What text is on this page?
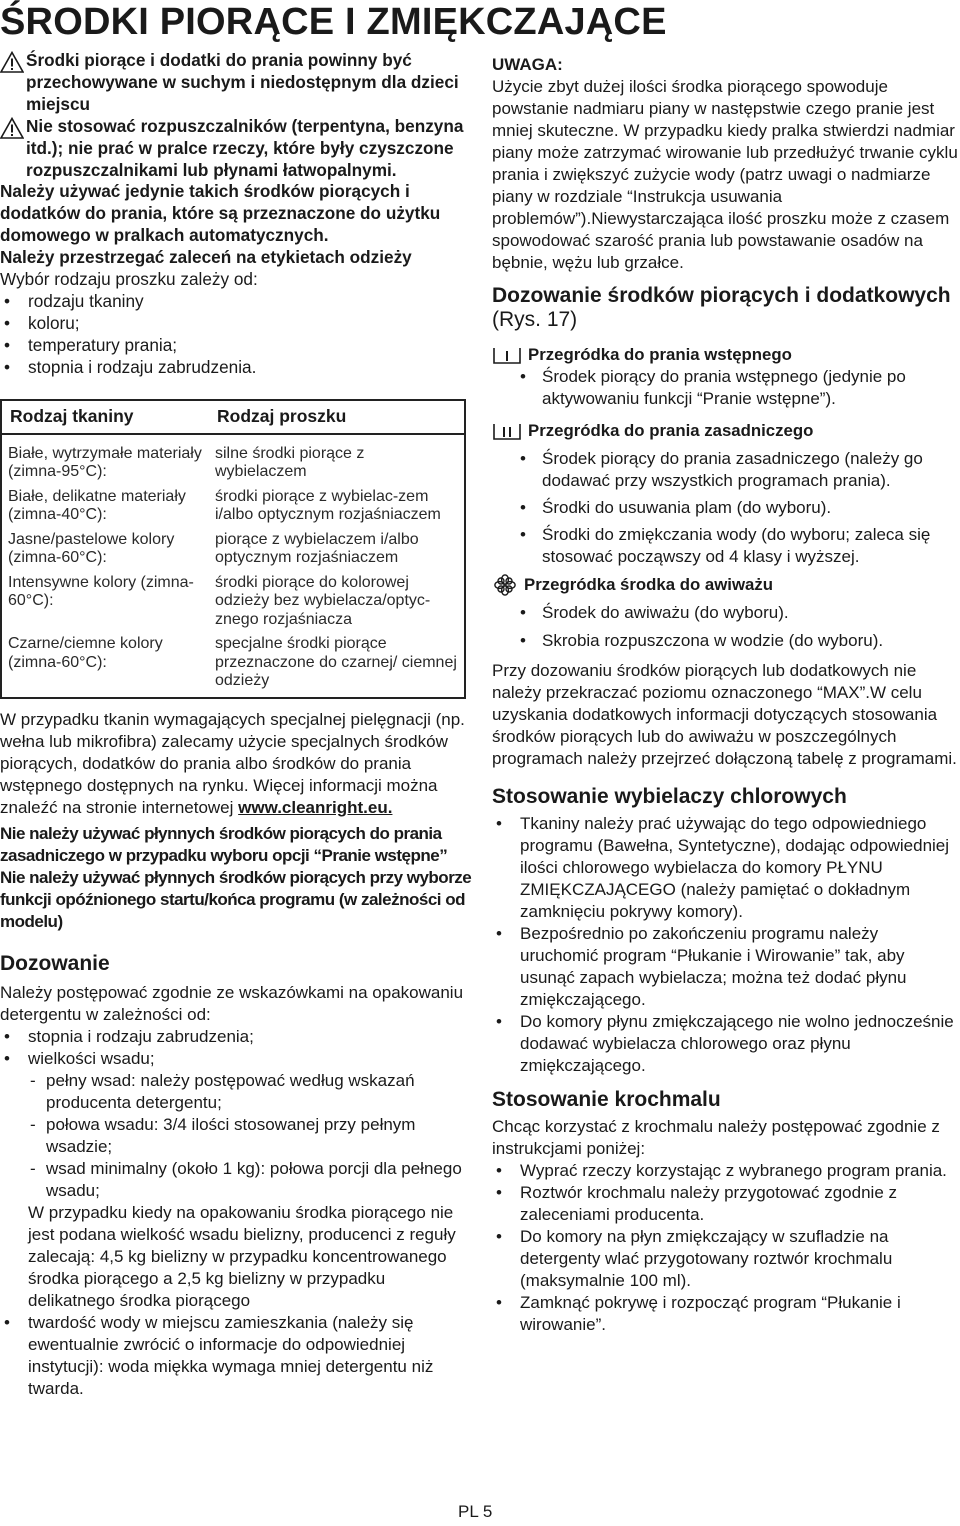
ŚRODKI PIORĄCE I ZMIĘKCZAJĄCE
Środki piorące i dodatki do prania powinny być przechowywane w suchym i niedostępnym dla dzieci miejscu
Nie stosować rozpuszczalników (terpentyna, benzyna itd.); nie prać w pralce rzeczy, które były czyszczone rozpuszczalnikami lub płynami łatwopalnymi.

Należy używać jedynie takich środków piorących i dodatków do prania, które są przeznaczone do użytku domowego w pralkach automatycznych.

Należy przestrzegać zaleceń na etykietach odzieży

Wybór rodzaju proszku zależy od:

• rodzaju tkaniny
• koloru;
• temperatury prania;
• stopnia i rodzaju zabrudzenia.
Rodzaj tkaniny	Rodzaj proszku
Białe, wytrzymałe materiały (zimna-95°C):	silne środki piorące z wybielaczem
Białe, delikatne materiały (zimna-40°C):	środki piorące z wybielac-zem i/albo optycznym rozjaśniaczem
Jasne/pastelowe kolory (zimna-60°C):	piorące z wybielaczem i/albo optycznym rozjaśniaczem
Intensywne kolory (zimna-60°C):	środki piorące do kolorowej odzieży bez wybielacza/optyc-znego rozjaśniacza
Czarne/ciemne kolory (zimna-60°C):	specjalne środki piorące przeznaczone do czarnej/ ciemnej odzieży

W przypadku tkanin wymagających specjalnej pielęgnacji (np. wełna lub mikrofibra) zalecamy użycie specjalnych środków piorących, dodatków do prania albo środków do prania wstępnego dostępnych na rynku. Więcej informacji można znaleźć na stronie internetowej www.cleanright.eu.

Nie należy używać płynnych środków piorących do prania zasadniczego w przypadku wyboru opcji “Pranie wstępne” Nie należy używać płynnych środków piorących przy wyborze funkcji opóźnionego startu/końca programu (w zależności od modelu)

Dozowanie

Należy postępować zgodnie ze wskazówkami na opakowaniu detergentu w zależności od:

• stopnia i rodzaju zabrudzenia;
• wielkości wsadu;
- pełny wsad: należy postępować według wskazań producenta detergentu;
- połowa wsadu: 3/4 ilości stosowanej przy pełnym wsadzie;
- wsad minimalny (około 1 kg): połowa porcji dla pełnego wsadu;

W przypadku kiedy na opakowaniu środka piorącego nie jest podana wielkość wsadu bielizny, producenci z reguły zalecają: 4,5 kg bielizny w przypadku koncentrowanego środka piorącego a 2,5 kg bielizny w przypadku delikatnego środka piorącego

• twardość wody w miejscu zamieszkania (należy się ewentualnie zwrócić o informacje do odpowiedniej instytucji): woda miękka wymaga mniej detergentu niż twarda.

UWAGA:

Użycie zbyt dużej ilości środka piorącego spowoduje powstanie nadmiaru piany w następstwie czego pranie jest mniej skuteczne. W przypadku kiedy pralka stwierdzi nadmiar piany może zatrzymać wirowanie lub przedłużyć trwanie cyklu prania i zwiększyć zużycie wody (patrz uwagi o nadmiarze piany w rozdziale “Instrukcja usuwania problemów”).Niewystarczająca ilość proszku może z czasem spowodować szarość prania lub powstawanie osadów na bębnie, wężu lub grzałce.

Dozowanie środków piorących i dodatkowych (Rys. 17)
Przegródka do prania wstępnego
• Środek piorący do prania wstępnego (jedynie po aktywowaniu funkcji “Pranie wstępne”).
Przegródka do prania zasadniczego
• Środek piorący do prania zasadniczego (należy go dodawać przy wszystkich programach prania).
• Środki do usuwania plam (do wyboru).
• Środki do zmiękczania wody (do wyboru; zaleca się stosować począwszy od 4 klasy i wyższej.
Przegródka środka do awiważu
• Środek do awiważu (do wyboru).
• Skrobia rozpuszczona w wodzie (do wyboru).

Przy dozowaniu środków piorących lub dodatkowych nie należy przekraczać poziomu oznaczonego “MAX”.W celu uzyskania dodatkowych informacji dotyczących stosowania środków piorących lub do awiważu w poszczególnych programach należy przejrzeć dołączoną tabelę z programami.

Stosowanie wybielaczy chlorowych
• Tkaniny należy prać używając do tego odpowiedniego programu (Bawełna, Syntetyczne), dodając odpowiedniej ilości chlorowego wybielacza do komory PŁYNU ZMIĘKCZAJĄCEGO (należy pamiętać o dokładnym zamknięciu pokrywy komory).
• Bezpośrednio po zakończeniu programu należy uruchomić program “Płukanie i Wirowanie” tak, aby usunąć zapach wybielacza; można też dodać płynu zmiękczającego.
• Do komory płynu zmiękczającego nie wolno jednocześnie dodawać wybielacza chlorowego oraz płynu zmiękczającego.
Stosowanie krochmalu

Chcąc korzystać z krochmalu należy postępować zgodnie z instrukcjami poniżej:

• Wyprać rzeczy korzystając z wybranego program prania.
• Roztwór krochmalu należy przygotować zgodnie z zaleceniami producenta.
• Do komory na płyn zmiękczający w szufladzie na detergenty wlać przygotowany roztwór krochmalu (maksymalnie 100 ml).
• Zamknąć pokrywę i rozpocząć program “Płukanie i wirowanie”.
PL 5
